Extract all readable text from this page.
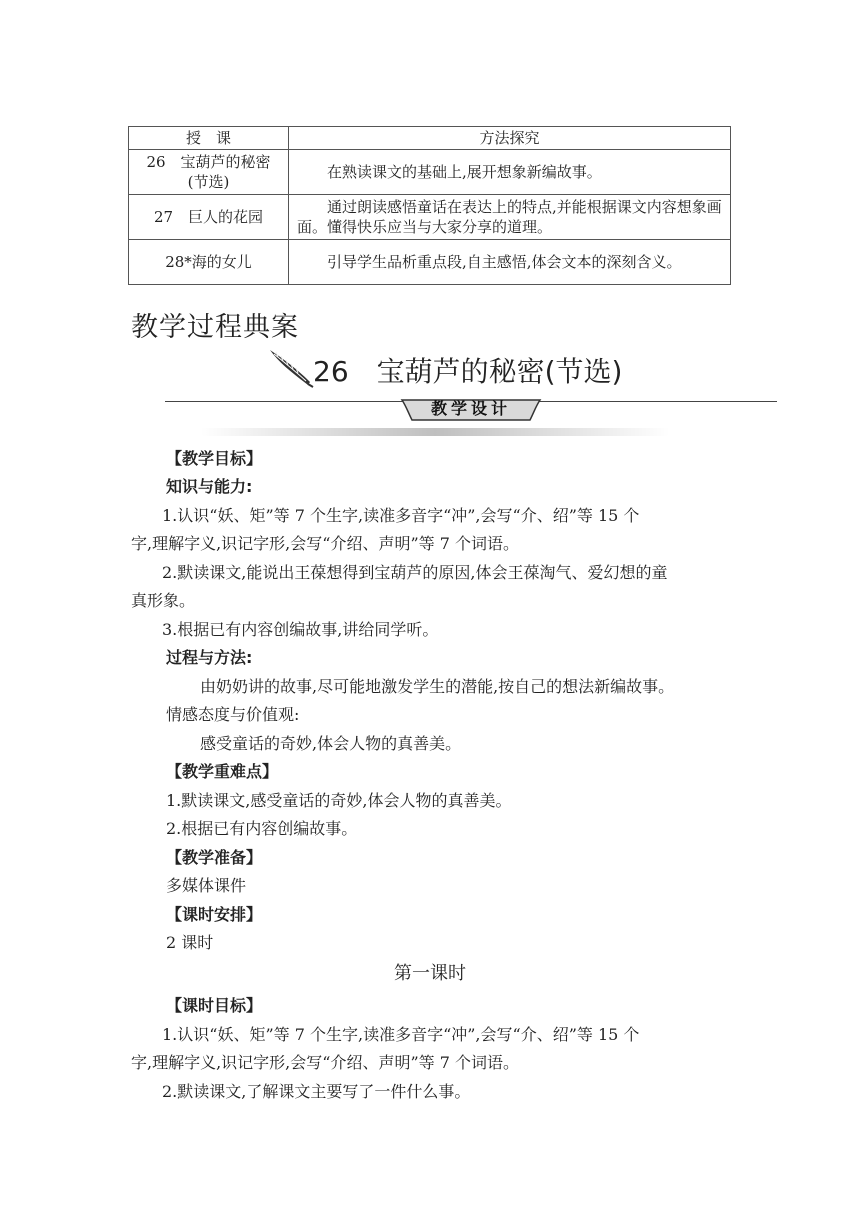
授　课	方法探究

26　宝葫芦的秘密
(节选)	在熟读课文的基础上,展开想象新编故事。
27　巨人的花园	通过朗读感悟童话在表达上的特点,并能根据课文内容想象画面。懂得快乐应当与大家分享的道理。
28*海的女儿	引导学生品析重点段,自主感悟,体会文本的深刻含义。
教学过程典案
26　宝葫芦的秘密(节选)
教学设计
【教学目标】
知识与能力:
1.认识“妖、矩”等 7 个生字,读准多音字“冲”,会写“介、绍”等 15 个
字,理解字义,识记字形,会写“介绍、声明”等 7 个词语。
2.默读课文,能说出王葆想得到宝葫芦的原因,体会王葆淘气、爱幻想的童
真形象。
3.根据已有内容创编故事,讲给同学听。
过程与方法:
由奶奶讲的故事,尽可能地激发学生的潜能,按自己的想法新编故事。
情感态度与价值观:
感受童话的奇妙,体会人物的真善美。
【教学重难点】
1.默读课文,感受童话的奇妙,体会人物的真善美。
2.根据已有内容创编故事。
【教学准备】
多媒体课件
【课时安排】
2 课时
第一课时
【课时目标】
1.认识“妖、矩”等 7 个生字,读准多音字“冲”,会写“介、绍”等 15 个
字,理解字义,识记字形,会写“介绍、声明”等 7 个词语。
2.默读课文,了解课文主要写了一件什么事。
